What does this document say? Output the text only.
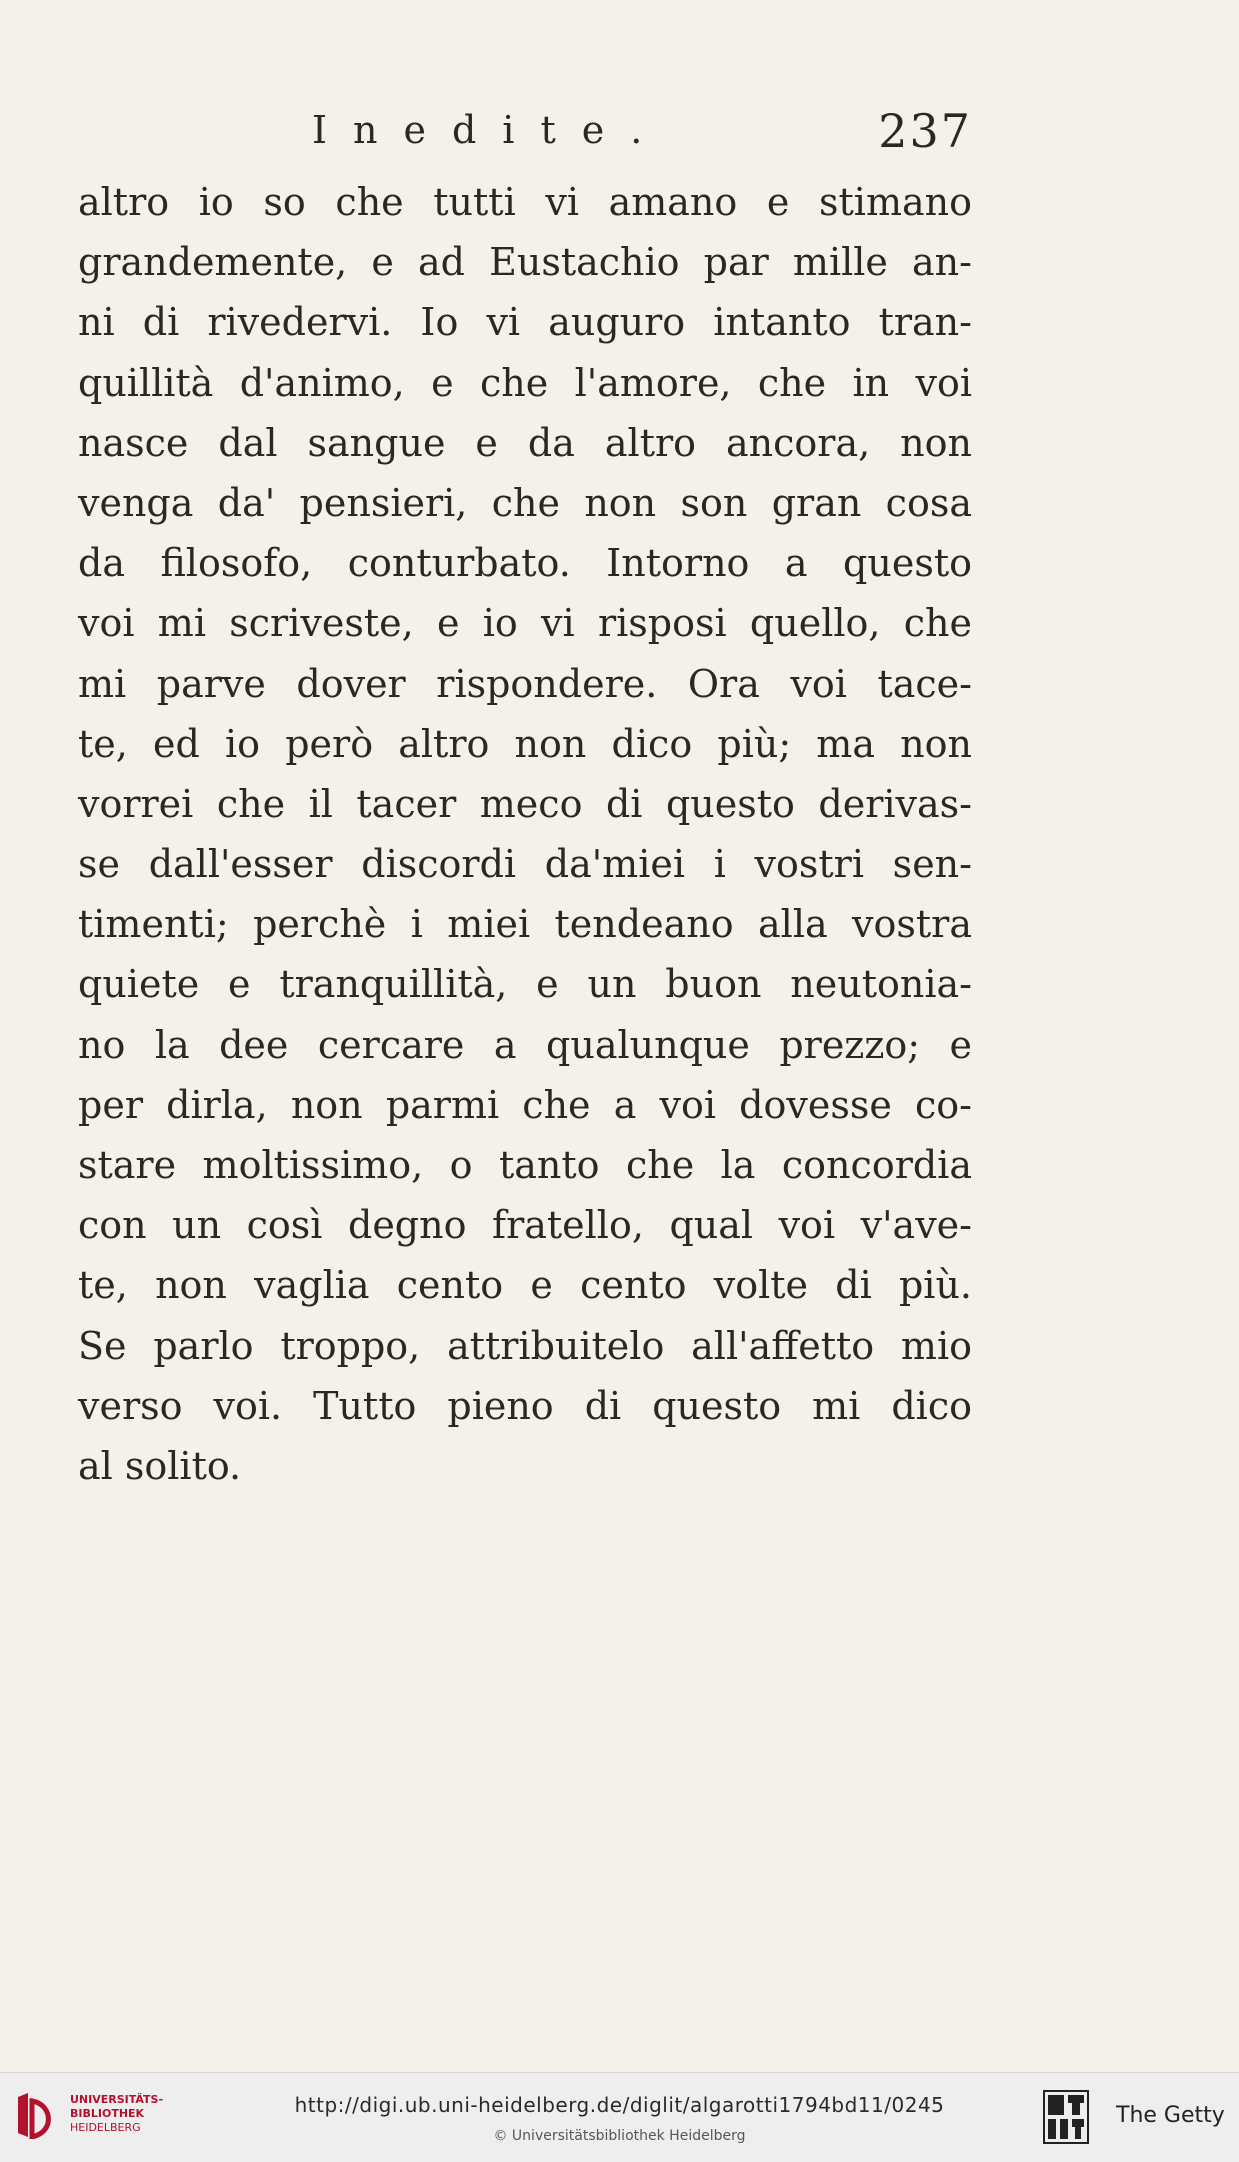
Inedite.	237
altro io so che tutti vi amano e stimano
grandemente, e ad Eustachio par mille an-
ni di rivedervi. Io vi auguro intanto tran-
quillità d'animo, e che l'amore, che in voi
nasce dal sangue e da altro ancora, non
venga da' pensieri, che non son gran cosa
da filosofo, conturbato. Intorno a questo
voi mi scriveste, e io vi risposi quello, che
mi parve dover rispondere. Ora voi tace-
te, ed io però altro non dico più; ma non
vorrei che il tacer meco di questo derivas-
se dall'esser discordi da'miei i vostri sen-
timenti; perchè i miei tendeano alla vostra
quiete e tranquillità, e un buon neutonia-
no la dee cercare a qualunque prezzo; e
per dirla, non parmi che a voi dovesse co-
stare moltissimo, o tanto che la concordia
con un così degno fratello, qual voi v'ave-
te, non vaglia cento e cento volte di più.
Se parlo troppo, attribuitelo all'affetto mio
verso voi. Tutto pieno di questo mi dico
al solito.
UNIVERSITÄTS-
BIBLIOTHEK
HEIDELBERG
http://digi.ub.uni-heidelberg.de/diglit/algarotti1794bd11/0245
© Universitätsbibliothek Heidelberg
The Getty
